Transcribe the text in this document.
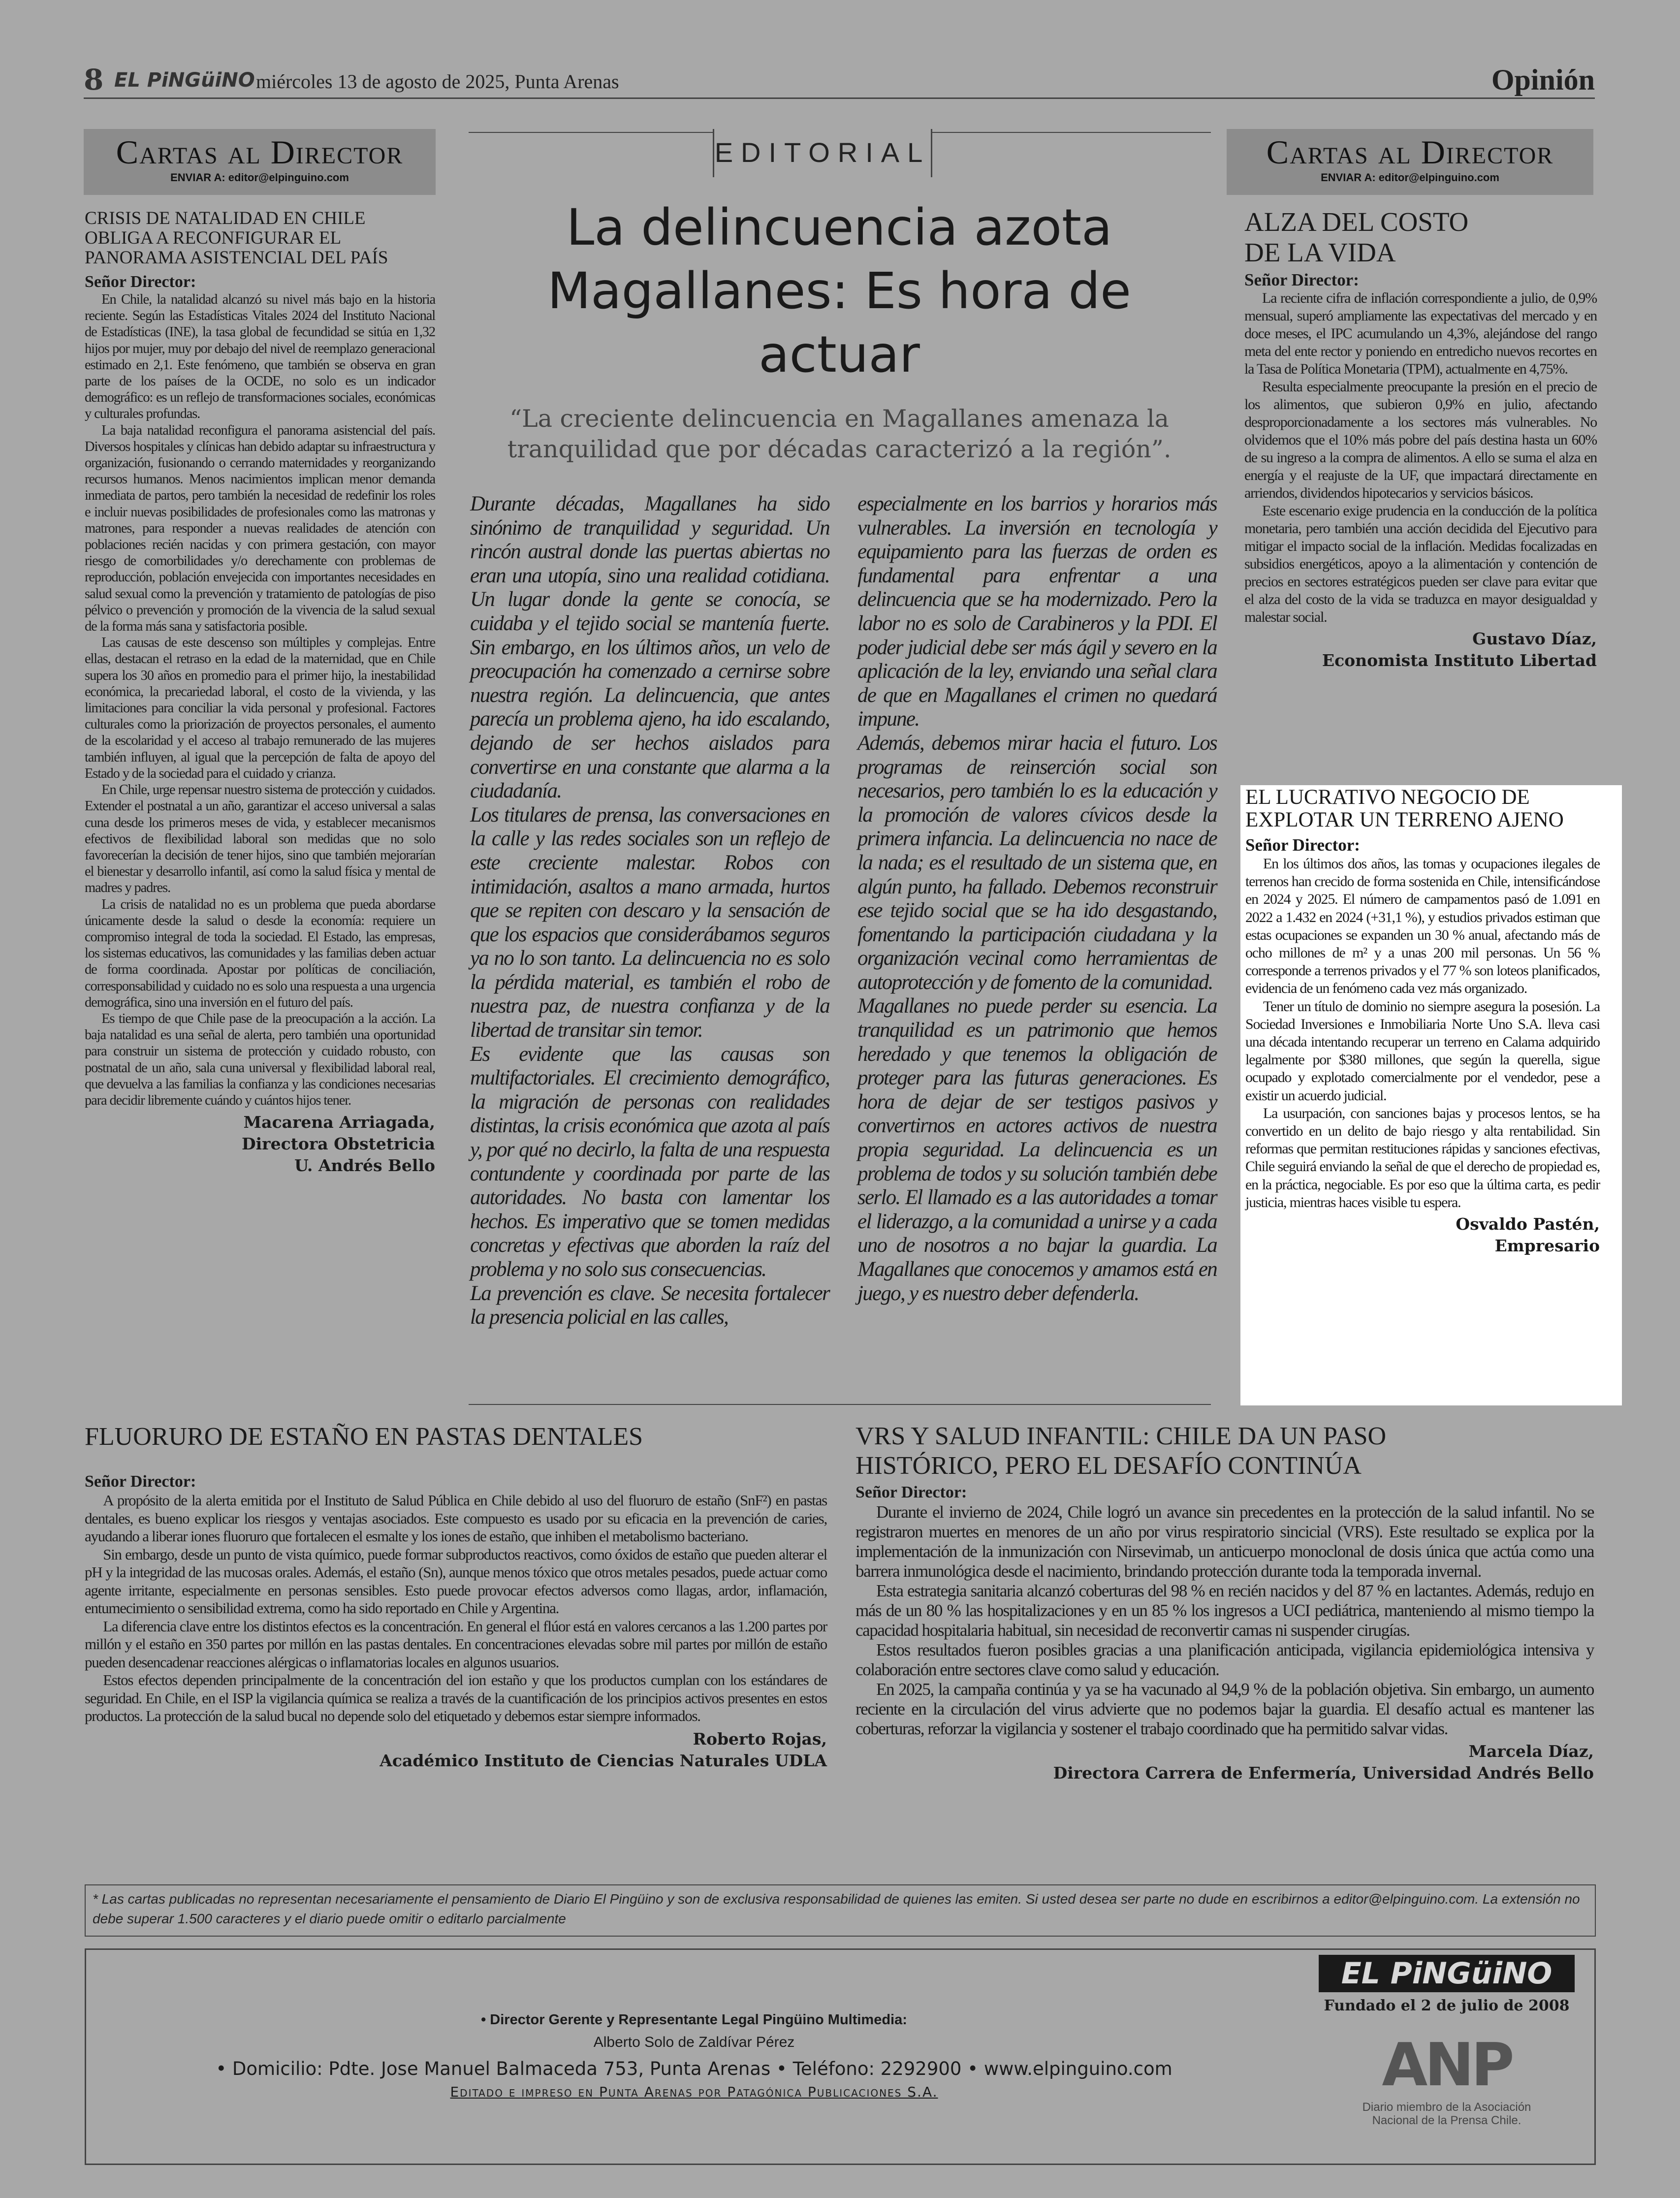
8 EL PiNGüiNO miércoles 13 de agosto de 2025, Punta Arenas	Opinión
Cartas al Director
ENVIAR A: editor@elpinguino.com
CRISIS DE NATALIDAD EN CHILE OBLIGA A RECONFIGURAR EL PANORAMA ASISTENCIAL DEL PAÍS

Señor Director:

En Chile, la natalidad alcanzó su nivel más bajo en la historia reciente. Según las Estadísticas Vitales 2024 del Instituto Nacional de Estadísticas (INE), la tasa global de fecundidad se sitúa en 1,32 hijos por mujer, muy por debajo del nivel de reemplazo generacional estimado en 2,1. Este fenómeno, que también se observa en gran parte de los países de la OCDE, no solo es un indicador demográfico: es un reflejo de transformaciones sociales, económicas y culturales profundas.

La baja natalidad reconfigura el panorama asistencial del país. Diversos hospitales y clínicas han debido adaptar su infraestructura y organización, fusionando o cerrando maternidades y reorganizando recursos humanos. Menos nacimientos implican menor demanda inmediata de partos, pero también la necesidad de redefinir los roles e incluir nuevas posibilidades de profesionales como las matronas y matrones, para responder a nuevas realidades de atención con poblaciones recién nacidas y con primera gestación, con mayor riesgo de comorbilidades y/o derechamente con problemas de reproducción, población envejecida con importantes necesidades en salud sexual como la prevención y tratamiento de patologías de piso pélvico o prevención y promoción de la vivencia de la salud sexual de la forma más sana y satisfactoria posible.

Las causas de este descenso son múltiples y complejas. Entre ellas, destacan el retraso en la edad de la maternidad, que en Chile supera los 30 años en promedio para el primer hijo, la inestabilidad económica, la precariedad laboral, el costo de la vivienda, y las limitaciones para conciliar la vida personal y profesional. Factores culturales como la priorización de proyectos personales, el aumento de la escolaridad y el acceso al trabajo remunerado de las mujeres también influyen, al igual que la percepción de falta de apoyo del Estado y de la sociedad para el cuidado y crianza.

En Chile, urge repensar nuestro sistema de protección y cuidados. Extender el postnatal a un año, garantizar el acceso universal a salas cuna desde los primeros meses de vida, y establecer mecanismos efectivos de flexibilidad laboral son medidas que no solo favorecerían la decisión de tener hijos, sino que también mejorarían el bienestar y desarrollo infantil, así como la salud física y mental de madres y padres.

La crisis de natalidad no es un problema que pueda abordarse únicamente desde la salud o desde la economía: requiere un compromiso integral de toda la sociedad. El Estado, las empresas, los sistemas educativos, las comunidades y las familias deben actuar de forma coordinada. Apostar por políticas de conciliación, corresponsabilidad y cuidado no es solo una respuesta a una urgencia demográfica, sino una inversión en el futuro del país.

Es tiempo de que Chile pase de la preocupación a la acción. La baja natalidad es una señal de alerta, pero también una oportunidad para construir un sistema de protección y cuidado robusto, con postnatal de un año, sala cuna universal y flexibilidad laboral real, que devuelva a las familias la confianza y las condiciones necesarias para decidir libremente cuándo y cuántos hijos tener.

Macarena Arriagada,

Directora Obstetricia

U. Andrés Bello

EDITORIAL
La delincuencia azota Magallanes: Es hora de actuar

“La creciente delincuencia en Magallanes amenaza la tranquilidad que por décadas caracterizó a la región”.

Durante décadas, Magallanes ha sido sinónimo de tranquilidad y seguridad. Un rincón austral donde las puertas abiertas no eran una utopía, sino una realidad cotidiana. Un lugar donde la gente se conocía, se cuidaba y el tejido social se mantenía fuerte. Sin embargo, en los últimos años, un velo de preocupación ha comenzado a cernirse sobre nuestra región. La delincuencia, que antes parecía un problema ajeno, ha ido escalando, dejando de ser hechos aislados para convertirse en una constante que alarma a la ciudadanía.

Los titulares de prensa, las conversaciones en la calle y las redes sociales son un reflejo de este creciente malestar. Robos con intimidación, asaltos a mano armada, hurtos que se repiten con descaro y la sensación de que los espacios que considerábamos seguros ya no lo son tanto. La delincuencia no es solo la pérdida material, es también el robo de nuestra paz, de nuestra confianza y de la libertad de transitar sin temor.

Es evidente que las causas son multifactoriales. El crecimiento demográfico, la migración de personas con realidades distintas, la crisis económica que azota al país y, por qué no decirlo, la falta de una respuesta contundente y coordinada por parte de las autoridades. No basta con lamentar los hechos. Es imperativo que se tomen medidas concretas y efectivas que aborden la raíz del problema y no solo sus consecuencias.

La prevención es clave. Se necesita fortalecer la presencia policial en las calles,

especialmente en los barrios y horarios más vulnerables. La inversión en tecnología y equipamiento para las fuerzas de orden es fundamental para enfrentar a una delincuencia que se ha modernizado. Pero la labor no es solo de Carabineros y la PDI. El poder judicial debe ser más ágil y severo en la aplicación de la ley, enviando una señal clara de que en Magallanes el crimen no quedará impune.

Además, debemos mirar hacia el futuro. Los programas de reinserción social son necesarios, pero también lo es la educación y la promoción de valores cívicos desde la primera infancia. La delincuencia no nace de la nada; es el resultado de un sistema que, en algún punto, ha fallado. Debemos reconstruir ese tejido social que se ha ido desgastando, fomentando la participación ciudadana y la organización vecinal como herramientas de autoprotección y de fomento de la comunidad.

Magallanes no puede perder su esencia. La tranquilidad es un patrimonio que hemos heredado y que tenemos la obligación de proteger para las futuras generaciones. Es hora de dejar de ser testigos pasivos y convertirnos en actores activos de nuestra propia seguridad. La delincuencia es un problema de todos y su solución también debe serlo. El llamado es a las autoridades a tomar el liderazgo, a la comunidad a unirse y a cada uno de nosotros a no bajar la guardia. La Magallanes que conocemos y amamos está en juego, y es nuestro deber defenderla.

Cartas al Director
ENVIAR A: editor@elpinguino.com
ALZA DEL COSTO DE LA VIDA

Señor Director:

La reciente cifra de inflación correspondiente a julio, de 0,9% mensual, superó ampliamente las expectativas del mercado y en doce meses, el IPC acumulando un 4,3%, alejándose del rango meta del ente rector y poniendo en entredicho nuevos recortes en la Tasa de Política Monetaria (TPM), actualmente en 4,75%.

Resulta especialmente preocupante la presión en el precio de los alimentos, que subieron 0,9% en julio, afectando desproporcionadamente a los sectores más vulnerables. No olvidemos que el 10% más pobre del país destina hasta un 60% de su ingreso a la compra de alimentos. A ello se suma el alza en energía y el reajuste de la UF, que impactará directamente en arriendos, dividendos hipotecarios y servicios básicos.

Este escenario exige prudencia en la conducción de la política monetaria, pero también una acción decidida del Ejecutivo para mitigar el impacto social de la inflación. Medidas focalizadas en subsidios energéticos, apoyo a la alimentación y contención de precios en sectores estratégicos pueden ser clave para evitar que el alza del costo de la vida se traduzca en mayor desigualdad y malestar social.

Gustavo Díaz,

Economista Instituto Libertad

EL LUCRATIVO NEGOCIO DE EXPLOTAR UN TERRENO AJENO

Señor Director:

En los últimos dos años, las tomas y ocupaciones ilegales de terrenos han crecido de forma sostenida en Chile, intensificándose en 2024 y 2025. El número de campamentos pasó de 1.091 en 2022 a 1.432 en 2024 (+31,1 %), y estudios privados estiman que estas ocupaciones se expanden un 30 % anual, afectando más de ocho millones de m² y a unas 200 mil personas. Un 56 % corresponde a terrenos privados y el 77 % son loteos planificados, evidencia de un fenómeno cada vez más organizado.

Tener un título de dominio no siempre asegura la posesión. La Sociedad Inversiones e Inmobiliaria Norte Uno S.A. lleva casi una década intentando recuperar un terreno en Calama adquirido legalmente por $380 millones, que según la querella, sigue ocupado y explotado comercialmente por el vendedor, pese a existir un acuerdo judicial.

La usurpación, con sanciones bajas y procesos lentos, se ha convertido en un delito de bajo riesgo y alta rentabilidad. Sin reformas que permitan restituciones rápidas y sanciones efectivas, Chile seguirá enviando la señal de que el derecho de propiedad es, en la práctica, negociable. Es por eso que la última carta, es pedir justicia, mientras haces visible tu espera.

Osvaldo Pastén,

Empresario

FLUORURO DE ESTAÑO EN PASTAS DENTALES

Señor Director:

A propósito de la alerta emitida por el Instituto de Salud Pública en Chile debido al uso del fluoruro de estaño (SnF²) en pastas dentales, es bueno explicar los riesgos y ventajas asociados. Este compuesto es usado por su eficacia en la prevención de caries, ayudando a liberar iones fluoruro que fortalecen el esmalte y los iones de estaño, que inhiben el metabolismo bacteriano.

Sin embargo, desde un punto de vista químico, puede formar subproductos reactivos, como óxidos de estaño que pueden alterar el pH y la integridad de las mucosas orales. Además, el estaño (Sn), aunque menos tóxico que otros metales pesados, puede actuar como agente irritante, especialmente en personas sensibles. Esto puede provocar efectos adversos como llagas, ardor, inflamación, entumecimiento o sensibilidad extrema, como ha sido reportado en Chile y Argentina.

La diferencia clave entre los distintos efectos es la concentración. En general el flúor está en valores cercanos a las 1.200 partes por millón y el estaño en 350 partes por millón en las pastas dentales. En concentraciones elevadas sobre mil partes por millón de estaño pueden desencadenar reacciones alérgicas o inflamatorias locales en algunos usuarios.

Estos efectos dependen principalmente de la concentración del ion estaño y que los productos cumplan con los estándares de seguridad. En Chile, en el ISP la vigilancia química se realiza a través de la cuantificación de los principios activos presentes en estos productos. La protección de la salud bucal no depende solo del etiquetado y debemos estar siempre informados.

Roberto Rojas,

Académico Instituto de Ciencias Naturales UDLA

VRS Y SALUD INFANTIL: CHILE DA UN PASO HISTÓRICO, PERO EL DESAFÍO CONTINÚA

Señor Director:

Durante el invierno de 2024, Chile logró un avance sin precedentes en la protección de la salud infantil. No se registraron muertes en menores de un año por virus respiratorio sincicial (VRS). Este resultado se explica por la implementación de la inmunización con Nirsevimab, un anticuerpo monoclonal de dosis única que actúa como una barrera inmunológica desde el nacimiento, brindando protección durante toda la temporada invernal.

Esta estrategia sanitaria alcanzó coberturas del 98 % en recién nacidos y del 87 % en lactantes. Además, redujo en más de un 80 % las hospitalizaciones y en un 85 % los ingresos a UCI pediátrica, manteniendo al mismo tiempo la capacidad hospitalaria habitual, sin necesidad de reconvertir camas ni suspender cirugías.

Estos resultados fueron posibles gracias a una planificación anticipada, vigilancia epidemiológica intensiva y colaboración entre sectores clave como salud y educación.

En 2025, la campaña continúa y ya se ha vacunado al 94,9 % de la población objetiva. Sin embargo, un aumento reciente en la circulación del virus advierte que no podemos bajar la guardia. El desafío actual es mantener las coberturas, reforzar la vigilancia y sostener el trabajo coordinado que ha permitido salvar vidas.

Marcela Díaz,

Directora Carrera de Enfermería, Universidad Andrés Bello

* Las cartas publicadas no representan necesariamente el pensamiento de Diario El Pingüino y son de exclusiva responsabilidad de quienes las emiten. Si usted desea ser parte no dude en escribirnos a editor@elpinguino.com. La extensión no debe superar 1.500 caracteres y el diario puede omitir o editarlo parcialmente

• Director Gerente y Representante Legal Pingüino Multimedia:

Alberto Solo de Zaldívar Pérez

• Domicilio: Pdte. Jose Manuel Balmaceda 753, Punta Arenas • Teléfono: 2292900 • www.elpinguino.com

Editado e impreso en Punta Arenas por Patagónica Publicaciones S.A.

EL PiNGüiNO

Fundado el 2 de julio de 2008

ANP

Diario miembro de la Asociación Nacional de la Prensa Chile.
